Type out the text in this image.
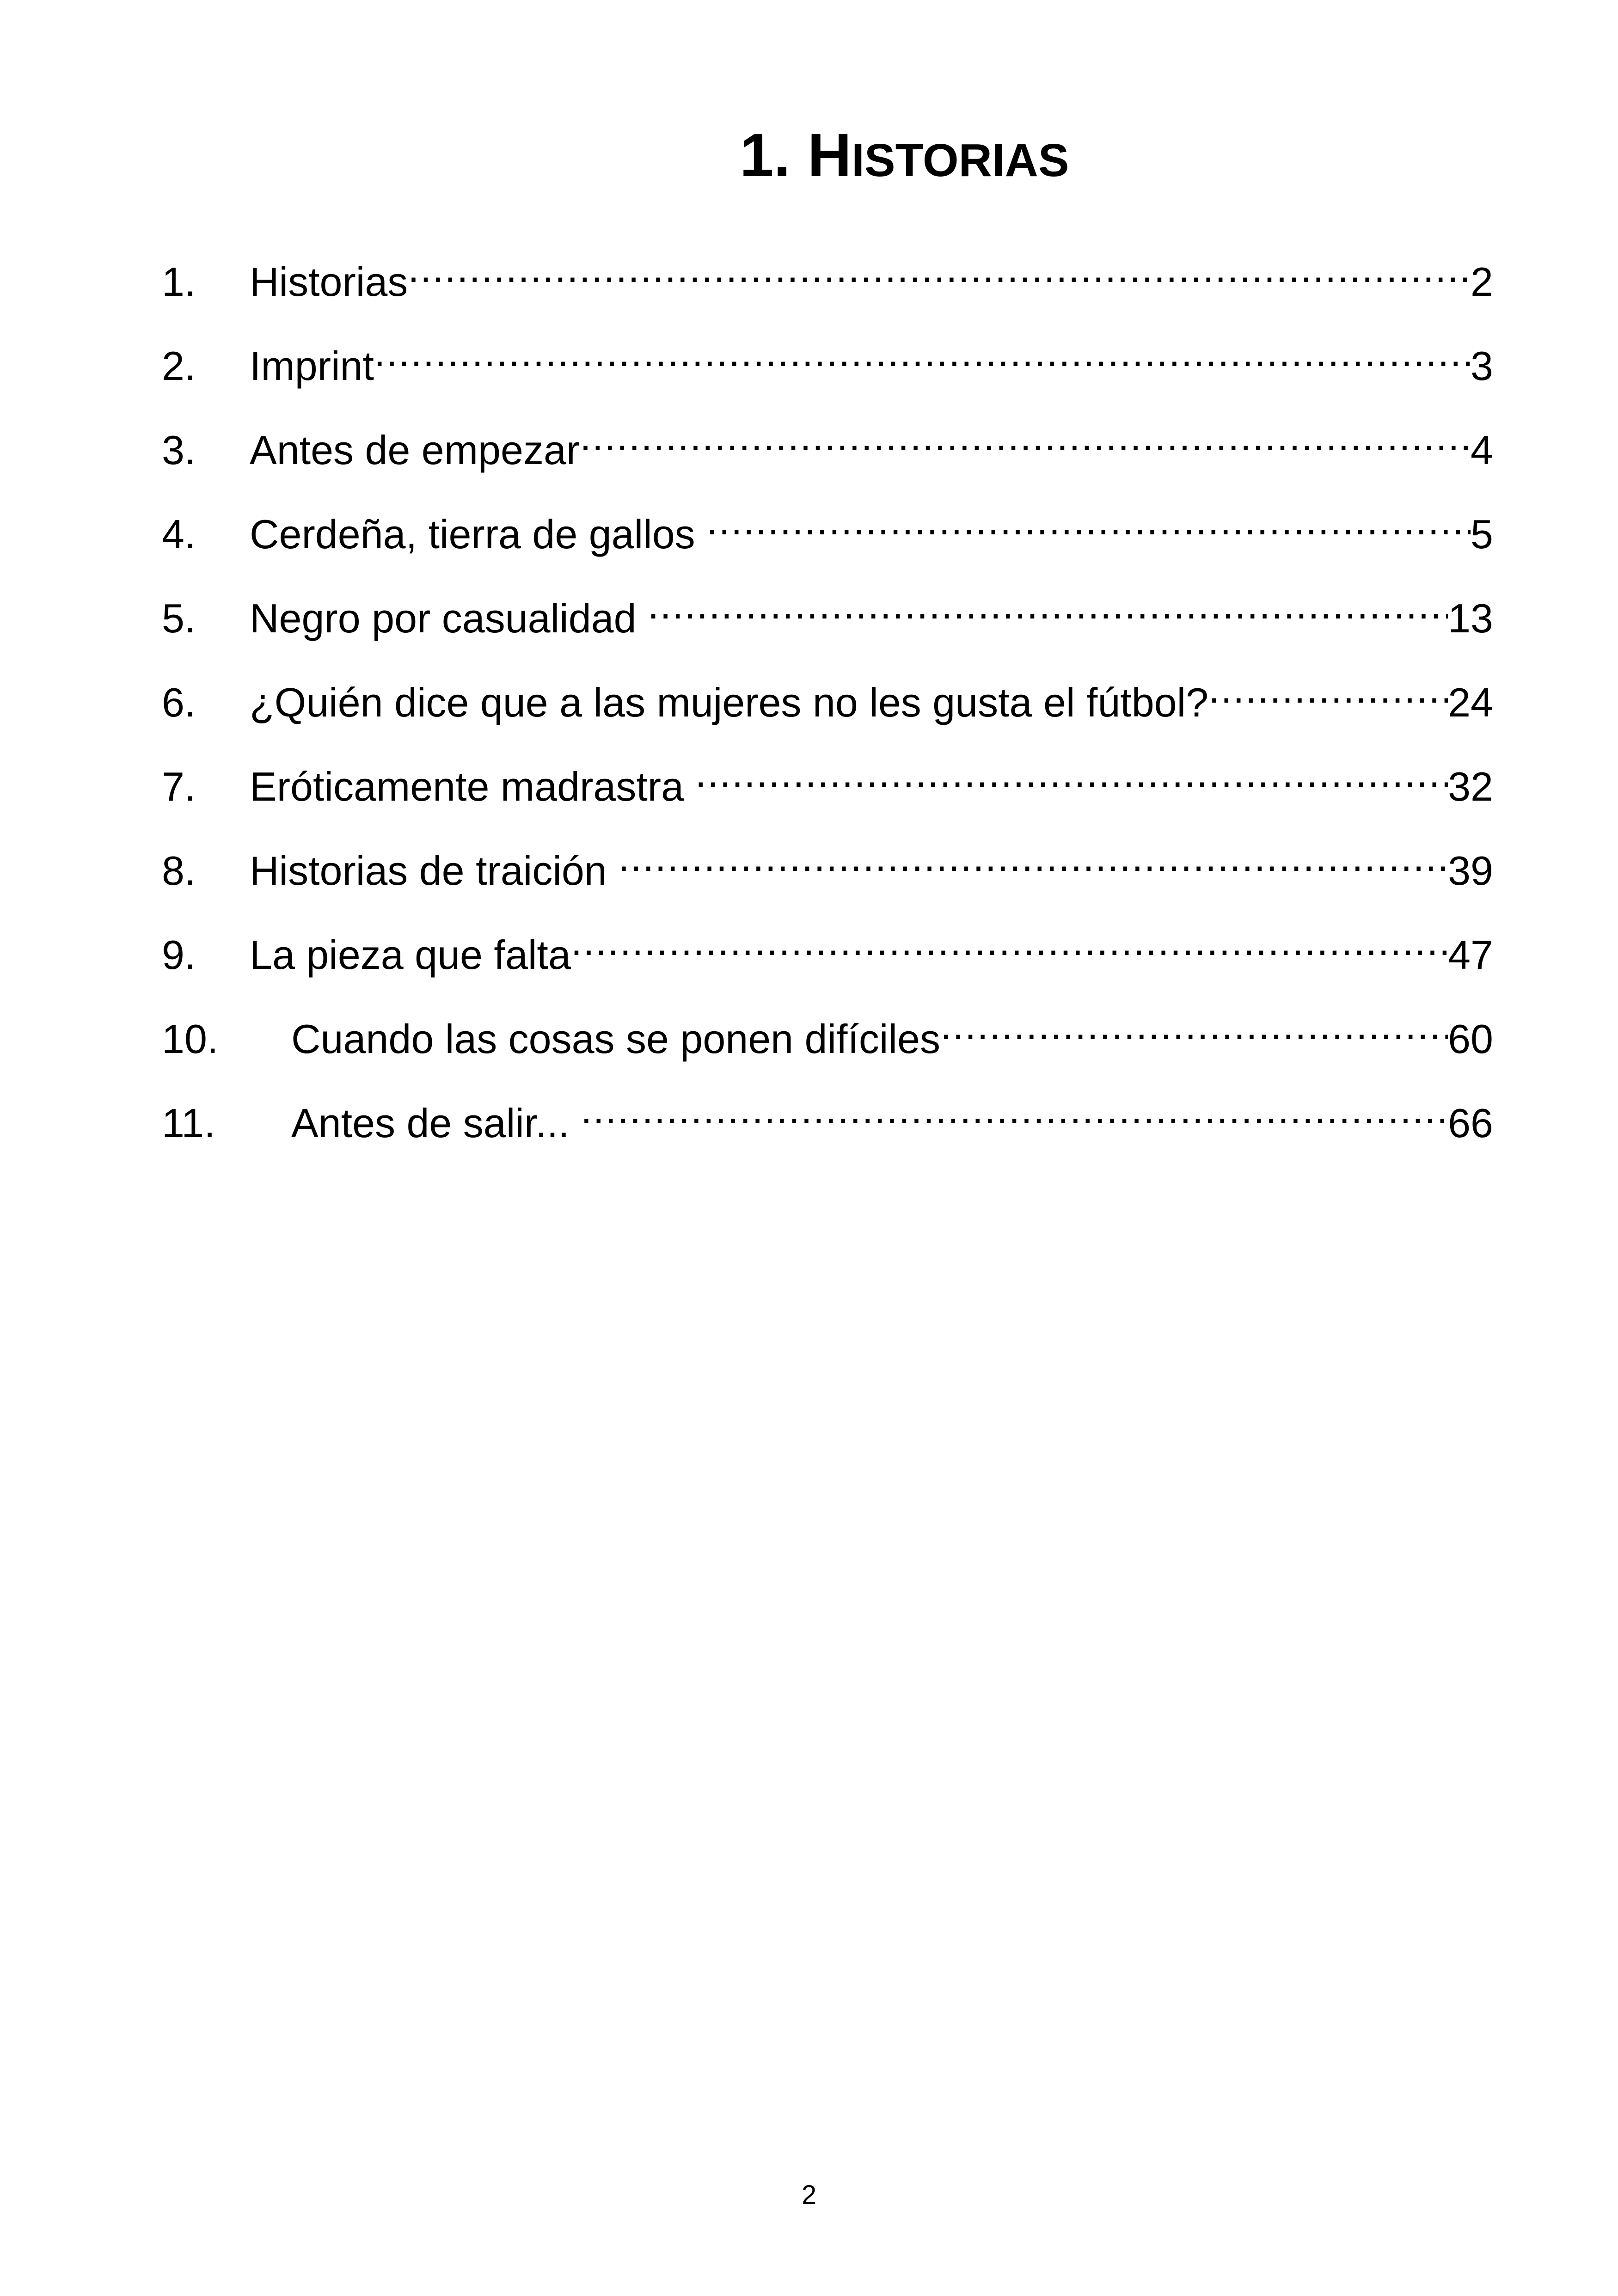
1. HISTORIAS
1.	Historias .....	2
2.	Imprint .....	3
3.	Antes de empezar .....	4
4.	Cerdeña, tierra de gallos .....	5
5.	Negro por casualidad .....	13
6.	¿Quién dice que a las mujeres no les gusta el fútbol? .....	24
7.	Eróticamente madrastra .....	32
8.	Historias de traición .....	39
9.	La pieza que falta .....	47
10.	Cuando las cosas se ponen difíciles .....	60
11.	Antes de salir... .....	66
2
